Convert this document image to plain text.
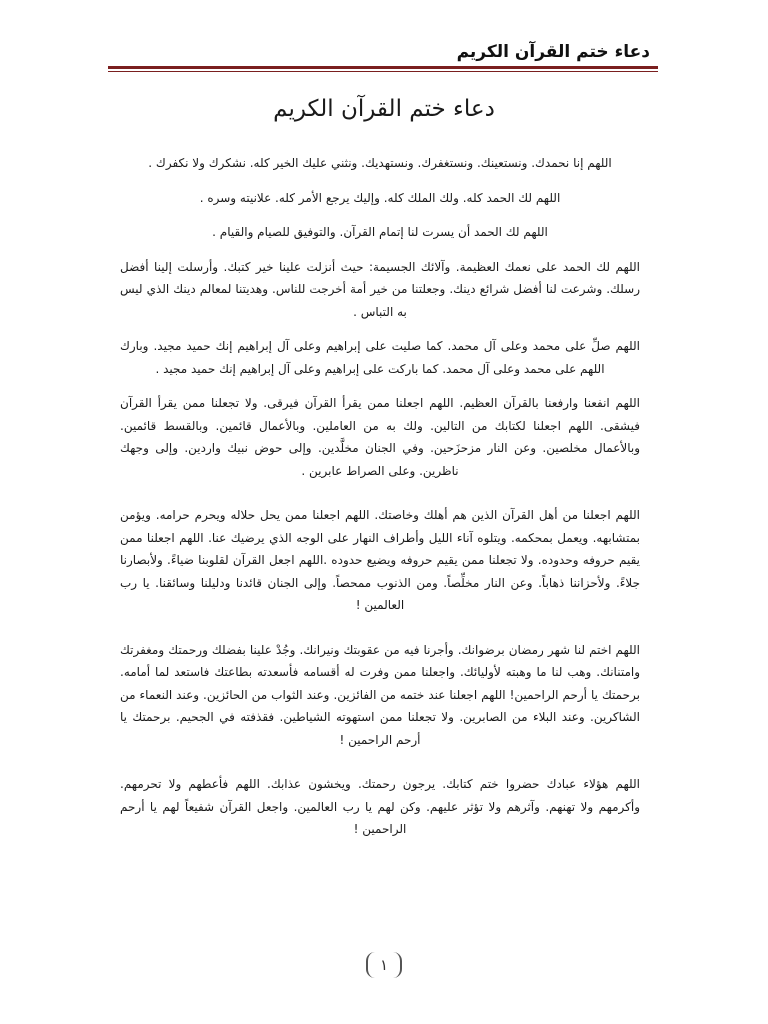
دعاء ختم القرآن الكريم
دعاء ختم القرآن الكريم

اللهم إنا نحمدك. ونستعينك. ونستغفرك. ونستهديك. ونثني عليك الخير كله. نشكرك ولا نكفرك .

اللهم لك الحمد كله. ولك الملك كله. وإليك يرجع الأمر كله. علانيته وسره .

اللهم لك الحمد أن يسرت لنا إتمام القرآن. والتوفيق للصيام والقيام .

اللهم لك الحمد على نعمك العظيمة. وآلائك الجسيمة: حيث أنزلت علينا خير كتبك. وأرسلت إلينا أفضل رسلك. وشرعت لنا أفضل شرائع دينك. وجعلتنا من خير أمة أخرجت للناس. وهديتنا لمعالم دينك الذي ليس به التباس .

اللهم صلِّ على محمد وعلى آل محمد. كما صليت على إبراهيم وعلى آل إبراهيم إنك حميد مجيد. وبارك اللهم على محمد وعلى آل محمد. كما باركت على إبراهيم وعلى آل إبراهيم إنك حميد مجيد .

اللهم انفعنا وارفعنا بالقرآن العظيم. اللهم اجعلنا ممن يقرأ القرآن فيرقى. ولا تجعلنا ممن يقرأ القرآن فيشقى. اللهم اجعلنا لكتابك من التالين. ولك به من العاملين. وبالأعمال قائمين. وبالقسط قائمين. وبالأعمال مخلصين. وعن النار مزحزَحين. وفي الجنان مخلَّدين. وإلى حوض نبيك واردين. وإلى وجهك ناظرين. وعلى الصراط عابرين .

اللهم اجعلنا من أهل القرآن الذين هم أهلك وخاصتك. اللهم اجعلنا ممن يحل حلاله ويحرم حرامه. ويؤمن بمتشابهه. ويعمل بمحكمه. ويتلوه آناء الليل وأطراف النهار على الوجه الذي يرضيك عنا. اللهم اجعلنا ممن يقيم حروفه وحدوده. ولا تجعلنا ممن يقيم حروفه ويضيع حدوده .اللهم اجعل القرآن لقلوبنا ضياءً. ولأبصارنا جلاءً. ولأحزاننا ذهاباً. وعن النار مخلِّصاً. ومن الذنوب ممحصاً. وإلى الجنان قائدنا ودليلنا وسائقنا. يا رب العالمين !

اللهم اختم لنا شهر رمضان برضوانك. وأجرنا فيه من عقوبتك ونيرانك. وجُدْ علينا بفضلك ورحمتك ومغفرتك وامتنانك. وهب لنا ما وهبته لأوليائك. واجعلنا ممن وفرت له أقسامه فأسعدته بطاعتك فاستعد لما أمامه. برحمتك يا أرحم الراحمين! اللهم اجعلنا عند ختمه من الفائزين. وعند الثواب من الحائزين. وعند النعماء من الشاكرين. وعند البلاء من الصابرين. ولا تجعلنا ممن استهوته الشياطين. فقذفته في الجحيم. برحمتك يا أرحم الراحمين !

اللهم هؤلاء عبادك حضروا ختم كتابك. يرجون رحمتك. ويخشون عذابك. اللهم فأعطهم ولا تحرمهم. وأكرمهم ولا تهنهم. وآثرهم ولا تؤثر عليهم. وكن لهم يا رب العالمين. واجعل القرآن شفيعاً لهم يا أرحم الراحمين !

١
